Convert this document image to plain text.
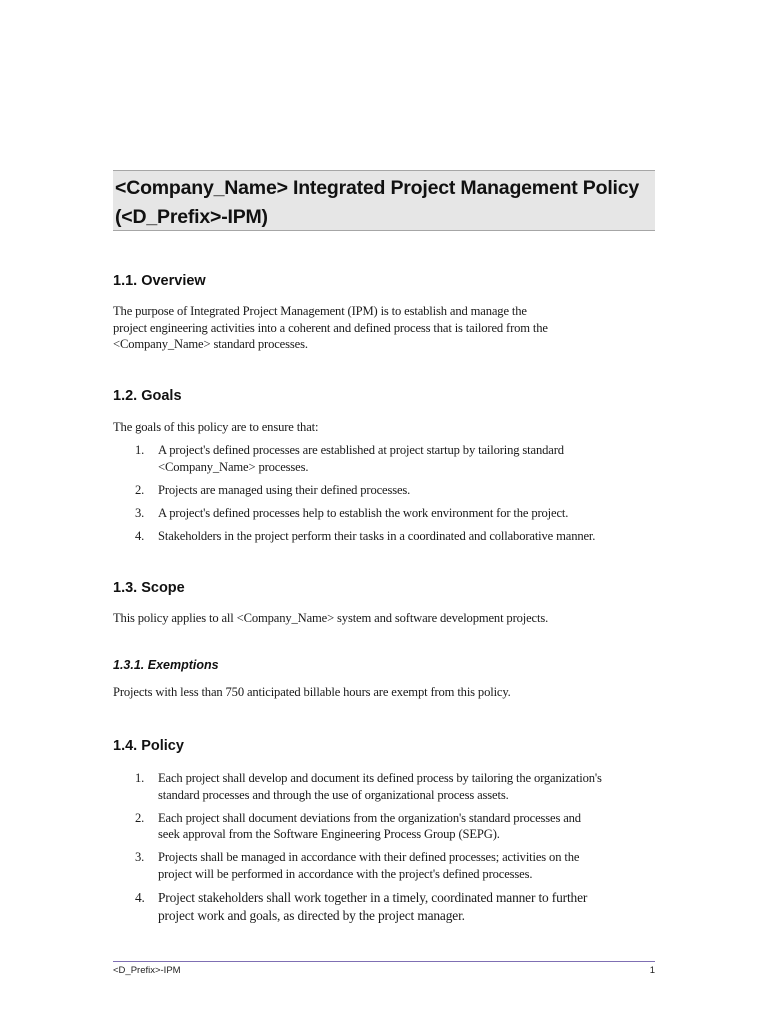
<Company_Name> Integrated Project Management Policy
(<D_Prefix>-IPM)
1.1. Overview

The purpose of Integrated Project Management (IPM) is to establish and manage the
project engineering activities into a coherent and defined process that is tailored from the
<Company_Name> standard processes.

1.2. Goals

The goals of this policy are to ensure that:

1. A project's defined processes are established at project startup by tailoring standard
<Company_Name> processes.
2. Projects are managed using their defined processes.
3. A project's defined processes help to establish the work environment for the project.
4. Stakeholders in the project perform their tasks in a coordinated and collaborative manner.
1.3. Scope

This policy applies to all <Company_Name> system and software development projects.

1.3.1. Exemptions

Projects with less than 750 anticipated billable hours are exempt from this policy.

1.4. Policy
1. Each project shall develop and document its defined process by tailoring the organization's
standard processes and through the use of organizational process assets.
2. Each project shall document deviations from the organization's standard processes and
seek approval from the Software Engineering Process Group (SEPG).
3. Projects shall be managed in accordance with their defined processes; activities on the
project will be performed in accordance with the project's defined processes.
4. Project stakeholders shall work together in a timely, coordinated manner to further
project work and goals, as directed by the project manager.
<D_Prefix>-IPM	1
